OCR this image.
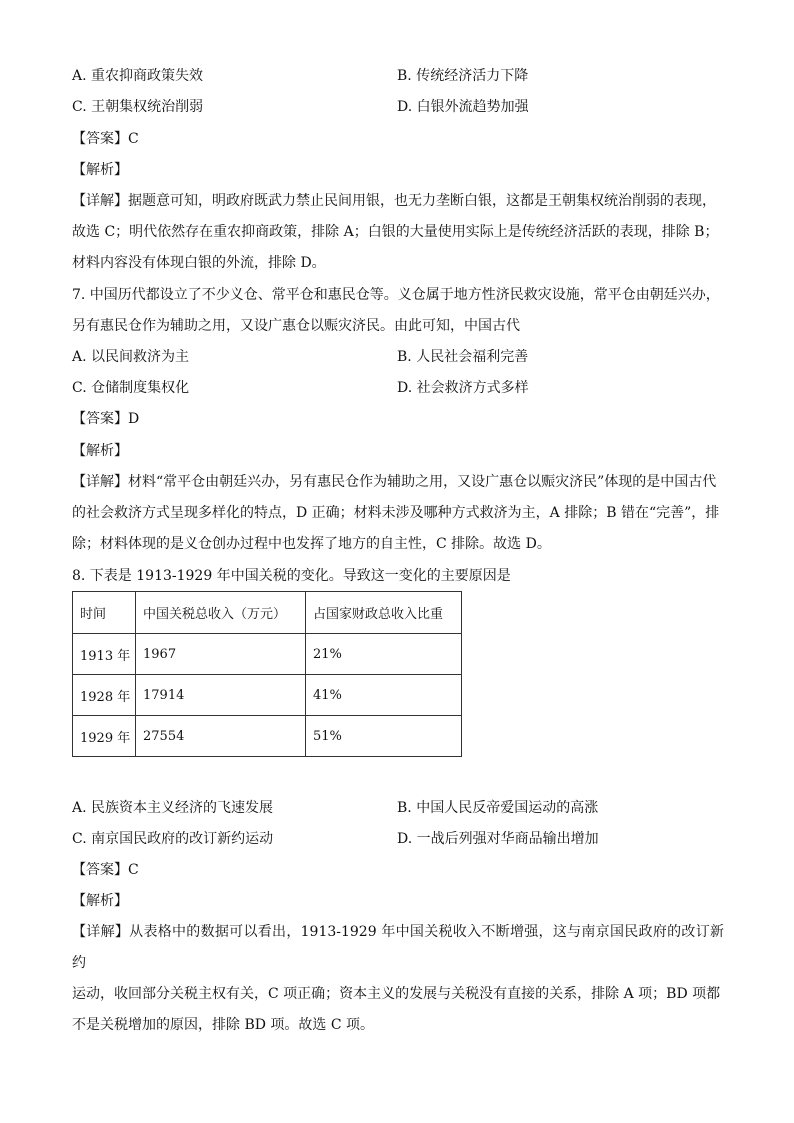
A. 重农抑商政策失效	B. 传统经济活力下降
C. 王朝集权统治削弱	D. 白银外流趋势加强
【答案】C
【解析】
【详解】据题意可知，明政府既武力禁止民间用银，也无力垄断白银，这都是王朝集权统治削弱的表现，
故选 C；明代依然存在重农抑商政策，排除 A；白银的大量使用实际上是传统经济活跃的表现，排除 B；
材料内容没有体现白银的外流，排除 D。
7. 中国历代都设立了不少义仓、常平仓和惠民仓等。义仓属于地方性济民救灾设施，常平仓由朝廷兴办，
另有惠民仓作为辅助之用，又设广惠仓以赈灾济民。由此可知，中国古代
A. 以民间救济为主	B. 人民社会福利完善
C. 仓储制度集权化	D. 社会救济方式多样
【答案】D
【解析】
【详解】材料“常平仓由朝廷兴办，另有惠民仓作为辅助之用，又设广惠仓以赈灾济民”体现的是中国古代
的社会救济方式呈现多样化的特点，D 正确；材料未涉及哪种方式救济为主，A 排除；B 错在“完善”，排
除；材料体现的是义仓创办过程中也发挥了地方的自主性，C 排除。故选 D。
8. 下表是 1913-1929 年中国关税的变化。导致这一变化的主要原因是
时间	中国关税总收入（万元）	占国家财政总收入比重
1913 年	1967	21%
1928 年	17914	41%
1929 年	27554	51%
A. 民族资本主义经济的飞速发展	B. 中国人民反帝爱国运动的高涨
C. 南京国民政府的改订新约运动	D. 一战后列强对华商品输出增加
【答案】C
【解析】
【详解】从表格中的数据可以看出，1913-1929 年中国关税收入不断增强，这与南京国民政府的改订新约
运动，收回部分关税主权有关，C 项正确；资本主义的发展与关税没有直接的关系，排除 A 项；BD 项都
不是关税增加的原因，排除 BD 项。故选 C 项。
